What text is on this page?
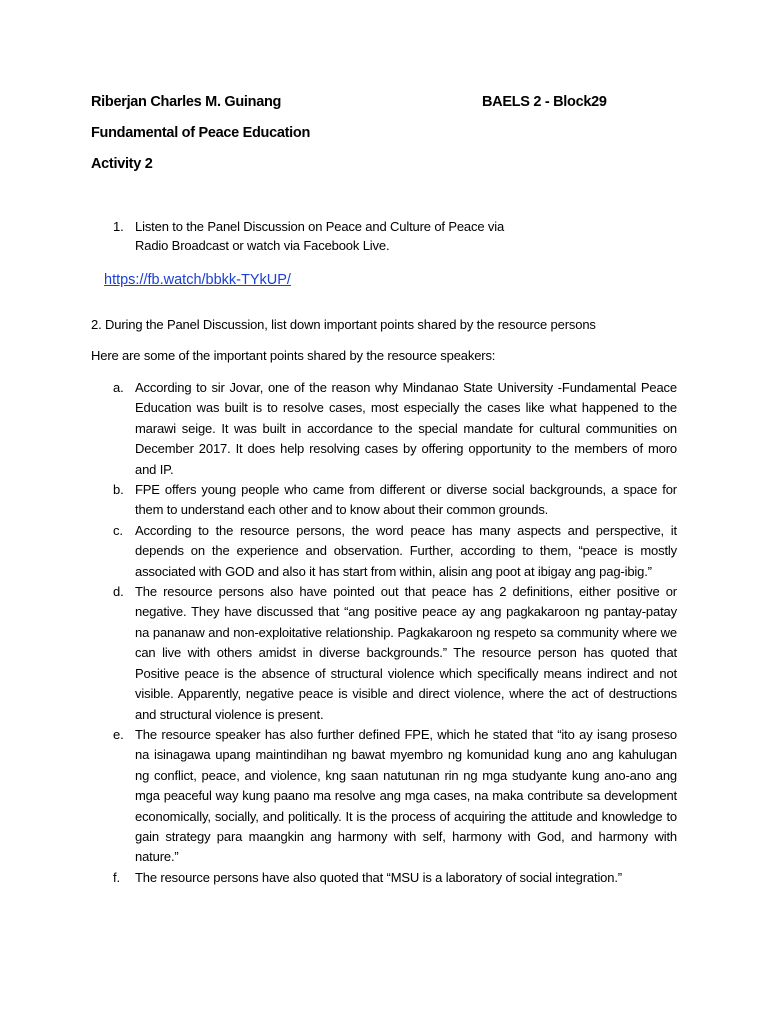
Riberjan Charles M. Guinang	BAELS 2 - Block29
Fundamental of Peace Education
Activity 2
1. Listen to the Panel Discussion on Peace and Culture of Peace via
Radio Broadcast or watch via Facebook Live.
https://fb.watch/bbkk-TYkUP/
2. During the Panel Discussion, list down important points shared by the resource persons
Here are some of the important points shared by the resource speakers:
a. According to sir Jovar, one of the reason why Mindanao State University -Fundamental Peace Education was built is to resolve cases, most especially the cases like what happened to the marawi seige. It was built in accordance to the special mandate for cultural communities on December 2017. It does help resolving cases by offering opportunity to the members of moro and IP.
b. FPE offers young people who came from different or diverse social backgrounds, a space for them to understand each other and to know about their common grounds.
c. According to the resource persons, the word peace has many aspects and perspective, it depends on the experience and observation. Further, according to them, “peace is mostly associated with GOD and also it has start from within, alisin ang poot at ibigay ang pag-ibig.”
d. The resource persons also have pointed out that peace has 2 definitions, either positive or negative. They have discussed that “ang positive peace ay ang pagkakaroon ng pantay-patay na pananaw and non-exploitative relationship. Pagkakaroon ng respeto sa community where we can live with others amidst in diverse backgrounds.” The resource person has quoted that Positive peace is the absence of structural violence which specifically means indirect and not visible. Apparently, negative peace is visible and direct violence, where the act of destructions and structural violence is present.
e. The resource speaker has also further defined FPE, which he stated that “ito ay isang proseso na isinagawa upang maintindihan ng bawat myembro ng komunidad kung ano ang kahulugan ng conflict, peace, and violence, kng saan natutunan rin ng mga studyante kung ano-ano ang mga peaceful way kung paano ma resolve ang mga cases, na maka contribute sa development economically, socially, and politically. It is the process of acquiring the attitude and knowledge to gain strategy para maangkin ang harmony with self, harmony with God, and harmony with nature.”
f. The resource persons have also quoted that “MSU is a laboratory of social integration.”
